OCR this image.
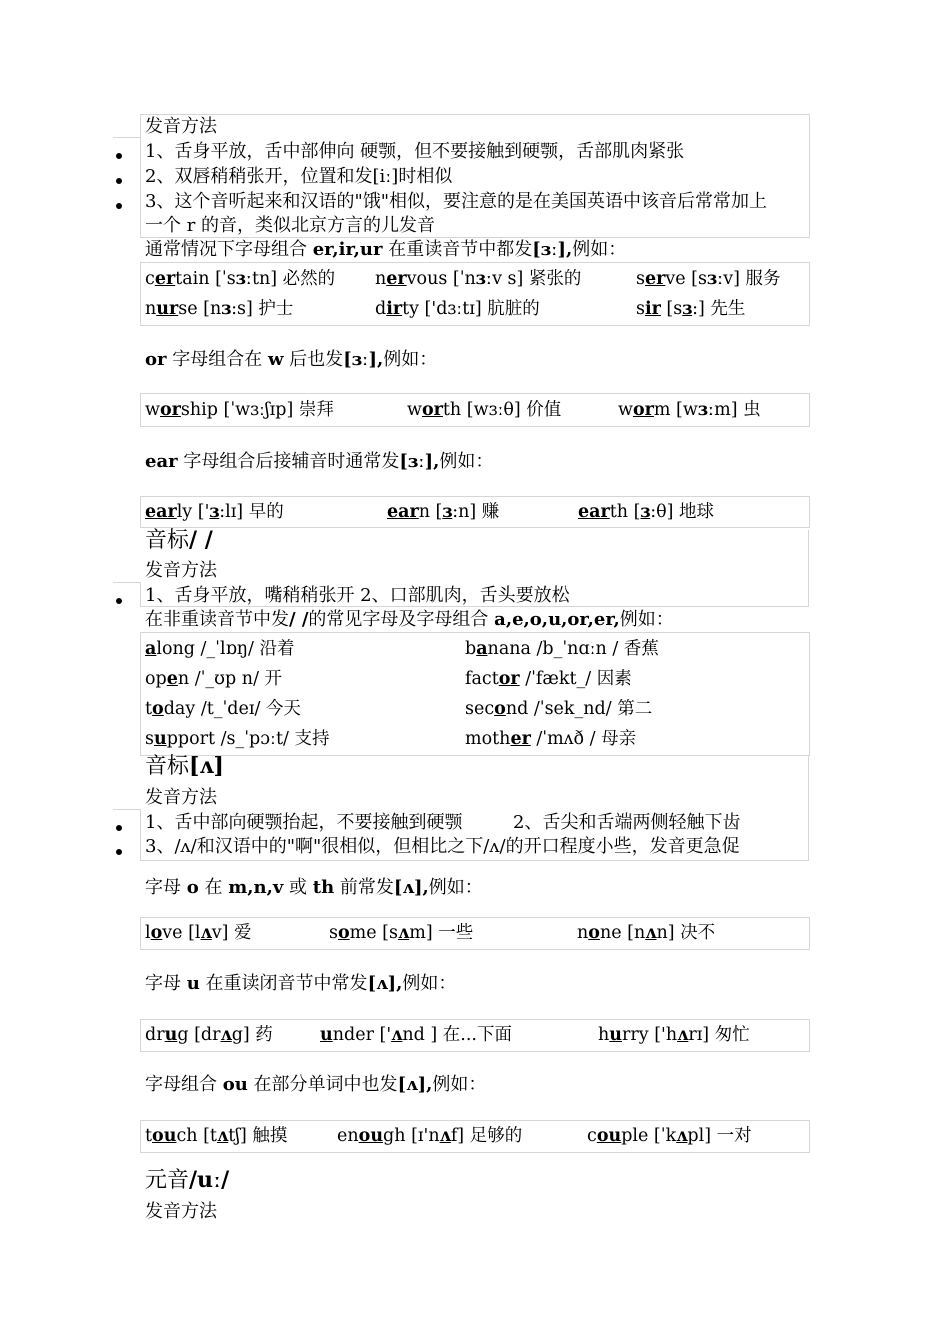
发音方法
1、舌身平放，舌中部伸向 硬颚，但不要接触到硬颚，舌部肌肉紧张
2、双唇稍稍张开，位置和发[iː]时相似
3、这个音听起来和汉语的"饿"相似，要注意的是在美国英语中该音后常常加上
一个 r 的音，类似北京方言的儿发音
通常情况下字母组合 er,ir,ur 在重读音节中都发[ɜː],例如：
certain [ˈsɜːtn] 必然的 nervous [ˈnɜːv s] 紧张的	serve [sɜːv] 服务
nurse [nɜ:s] 护士	dirty ['dɜːtɪ] 肮脏的	sir [sɜ:] 先生
or 字母组合在 w 后也发[ɜː],例如：
worship [ˈwɜːʃɪp] 崇拜	worth [wɜːθ] 价值	worm [wɜːm] 虫
ear 字母组合后接辅音时通常发[ɜː],例如：
early ['ɜ:lɪ] 早的	earn [ɜ:n] 赚	earth [ɜ:θ] 地球
音标/ /
发音方法
1、舌身平放，嘴稍稍张开 2、口部肌肉，舌头要放松
在非重读音节中发/ /的常见字母及字母组合 a,e,o,u,or,er,例如：
along /_ˈlɒŋ/ 沿着	banana /b_ˈnɑːn / 香蕉
open /ˈ_ʊp n/ 开	factor /ˈfækt_/ 因素
today /t_ˈdeɪ/ 今天	second /ˈsek_nd/ 第二
support /s_ˈpɔːt/ 支持	mother /ˈmʌð / 母亲
音标[ʌ]
发音方法
1、舌中部向硬颚抬起，不要接触到硬颚	2、舌尖和舌端两侧轻触下齿
3、/ʌ/和汉语中的"啊"很相似，但相比之下/ʌ/的开口程度小些，发音更急促
字母 o 在 m,n,v 或 th 前常发[ʌ],例如：
love [lʌv] 爱	some [sʌm] 一些	none [nʌn] 决不
字母 u 在重读闭音节中常发[ʌ],例如：
drug [drʌg] 药	under ['ʌnd ] 在...下面	hurry ['hʌrɪ] 匆忙
字母组合 ou 在部分单词中也发[ʌ],例如：
touch [tʌtʃ] 触摸	enough [ɪ'nʌf] 足够的	couple [ˈkʌpl] 一对
元音/uː/
发音方法
